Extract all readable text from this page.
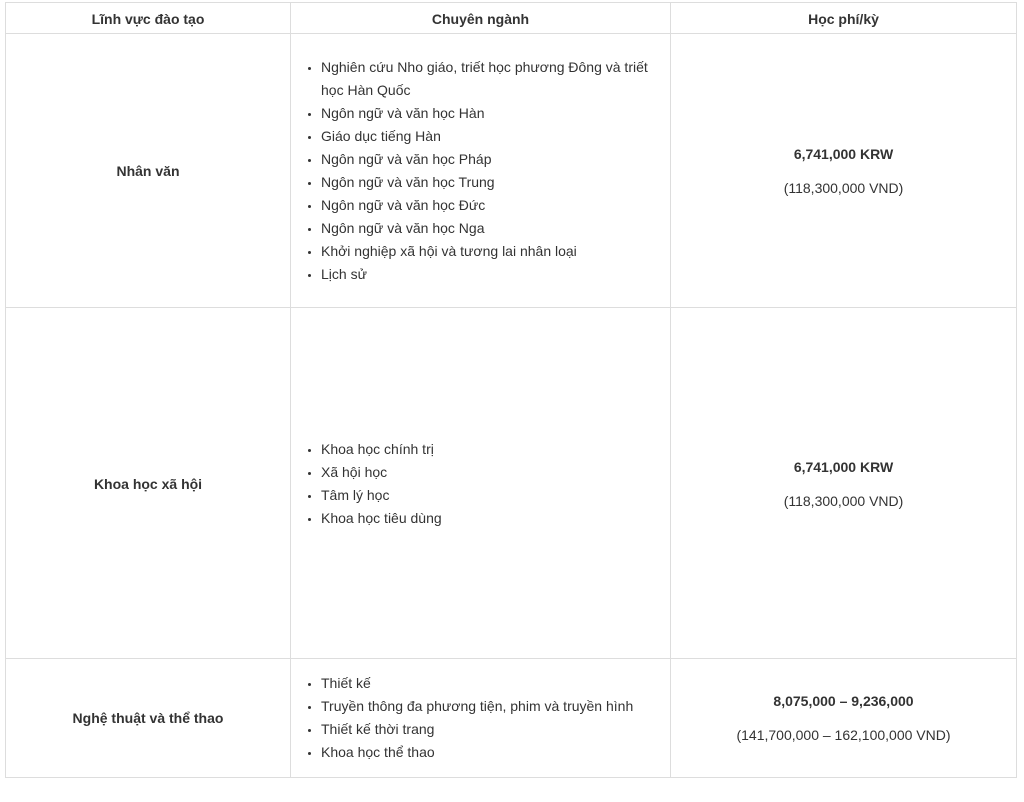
Lĩnh vực đào tạo	Chuyên ngành	Học phí/kỳ
Nhân văn
• Nghiên cứu Nho giáo, triết học phương Đông và triết học Hàn Quốc
• Ngôn ngữ và văn học Hàn
• Giáo dục tiếng Hàn
• Ngôn ngữ và văn học Pháp
• Ngôn ngữ và văn học Trung
• Ngôn ngữ và văn học Đức
• Ngôn ngữ và văn học Nga
• Khởi nghiệp xã hội và tương lai nhân loại
• Lịch sử
6,741,000 KRW
(118,300,000 VND)
Khoa học xã hội
• Khoa học chính trị
• Xã hội học
• Tâm lý học
• Khoa học tiêu dùng
6,741,000 KRW
(118,300,000 VND)
Nghệ thuật và thể thao
• Thiết kế
• Truyền thông đa phương tiện, phim và truyền hình
• Thiết kế thời trang
• Khoa học thể thao
8,075,000 – 9,236,000
(141,700,000 – 162,100,000 VND)
